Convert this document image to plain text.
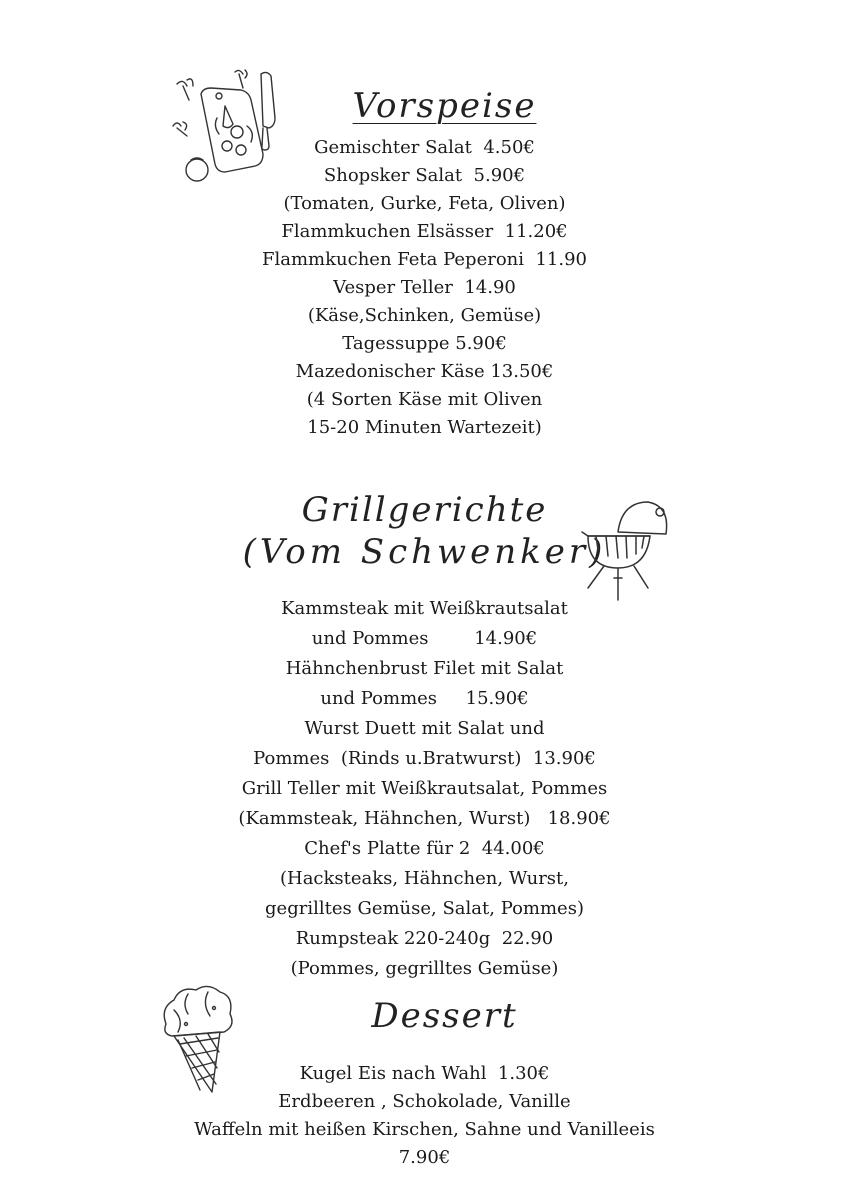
Vorspeise
Gemischter Salat  4.50€
Shopsker Salat  5.90€
(Tomaten, Gurke, Feta, Oliven)
Flammkuchen Elsässer  11.20€
Flammkuchen Feta Peperoni  11.90
Vesper Teller  14.90
(Käse,Schinken, Gemüse)
Tagessuppe 5.90€
Mazedonischer Käse 13.50€
(4 Sorten Käse mit Oliven
15-20 Minuten Wartezeit)
Grillgerichte
(Vom Schwenker)
Kammsteak mit Weißkrautsalat
und Pommes        14.90€
Hähnchenbrust Filet mit Salat
und Pommes     15.90€
Wurst Duett mit Salat und
Pommes  (Rinds u.Bratwurst)  13.90€
Grill Teller mit Weißkrautsalat, Pommes
(Kammsteak, Hähnchen, Wurst)   18.90€
Chef's Platte für 2  44.00€
(Hacksteaks, Hähnchen, Wurst,
gegrilltes Gemüse, Salat, Pommes)
Rumpsteak 220-240g  22.90
(Pommes, gegrilltes Gemüse)
Dessert
Kugel Eis nach Wahl  1.30€
Erdbeeren , Schokolade, Vanille
Waffeln mit heißen Kirschen, Sahne und Vanilleeis
7.90€
